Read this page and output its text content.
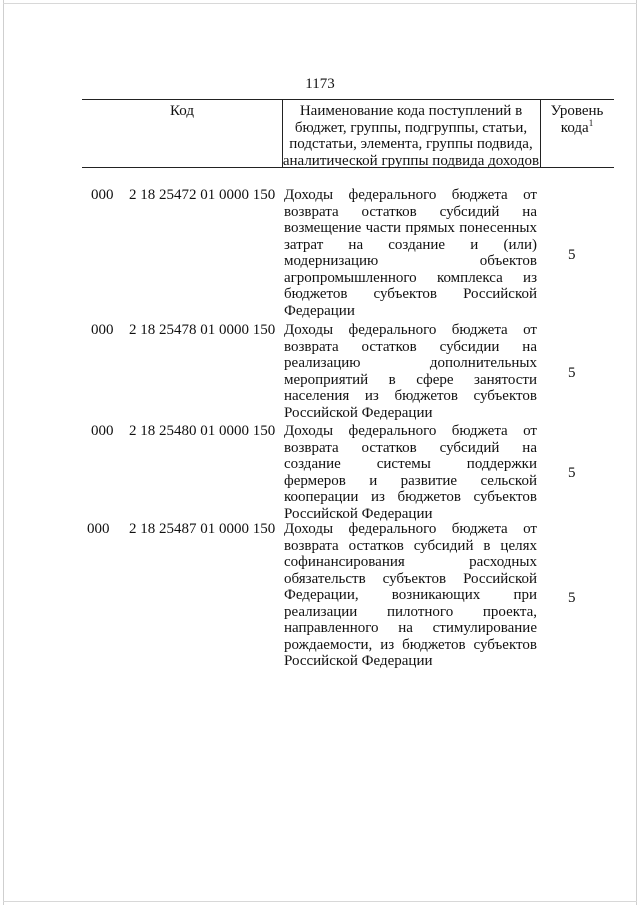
1173
Код	Наименование кода поступлений в бюджет, группы, подгруппы, статьи, подстатьи, элемента, группы подвида, аналитической группы подвида доходов
Уровень кода$^1$
000 2 18 25472 01 0000 150 Доходы федерального бюджета от возврата остатков субсидий на возмещение части прямых понесенных затрат на создание и (или) модернизацию объектов агропромышленного комплекса из бюджетов субъектов Российской Федерации
5
000 2 18 25478 01 0000 150 Доходы федерального бюджета от возврата остатков субсидии на реализацию дополнительных мероприятий в сфере занятости населения из бюджетов субъектов Российской Федерации
5
000 2 18 25480 01 0000 150 Доходы федерального бюджета от возврата остатков субсидий на создание системы поддержки фермеров и развитие сельской кооперации из бюджетов субъектов Российской Федерации
5
000 2 18 25487 01 0000 150 Доходы федерального бюджета от возврата остатков субсидий в целях софинансирования расходных обязательств субъектов Российской Федерации, возникающих при реализации пилотного проекта, направленного на стимулирование рождаемости, из бюджетов субъектов Российской Федерации
5
